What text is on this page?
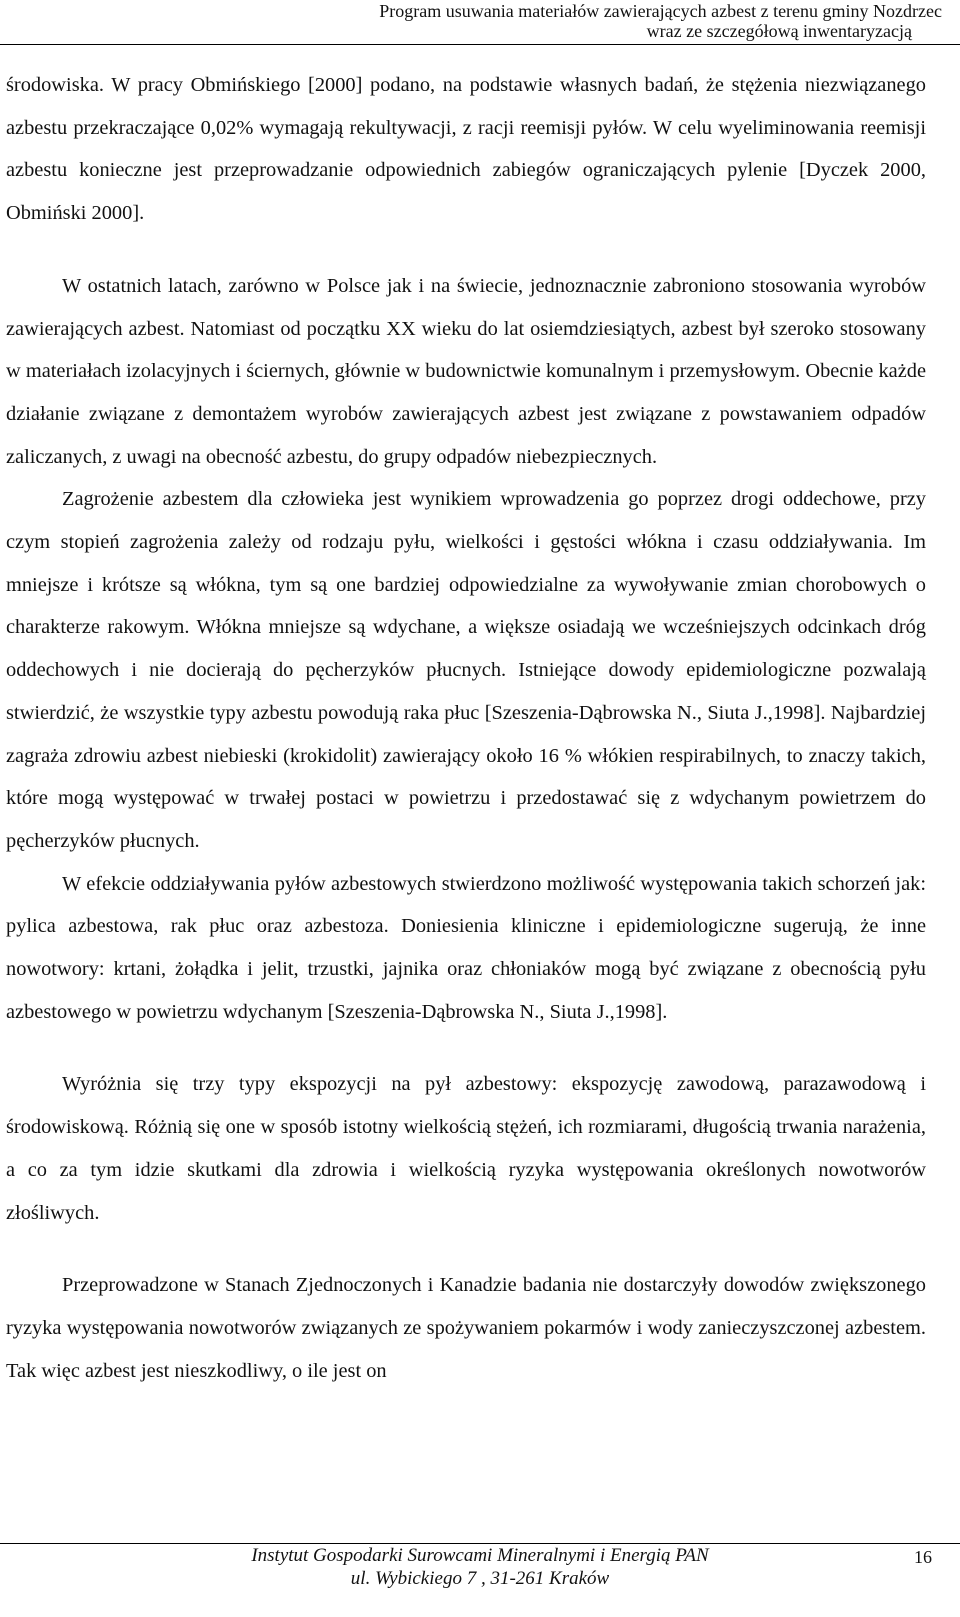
Program usuwania materiałów zawierających azbest z terenu gminy Nozdrzec
wraz ze szczegółową inwentaryzacją

środowiska. W pracy Obmińskiego [2000] podano, na podstawie własnych badań, że stężenia niezwiązanego azbestu przekraczające 0,02% wymagają rekultywacji, z racji reemisji pyłów. W celu wyeliminowania reemisji azbestu konieczne jest przeprowadzanie odpowiednich zabiegów ograniczających pylenie [Dyczek 2000, Obmiński 2000].

W ostatnich latach, zarówno w Polsce jak i na świecie, jednoznacznie zabroniono stosowania wyrobów zawierających azbest. Natomiast od początku XX wieku do lat osiemdziesiątych, azbest był szeroko stosowany w materiałach izolacyjnych i ściernych, głównie w budownictwie komunalnym i przemysłowym. Obecnie każde działanie związane z demontażem wyrobów zawierających azbest jest związane z powstawaniem odpadów zaliczanych, z uwagi na obecność azbestu, do grupy odpadów niebezpiecznych.

Zagrożenie azbestem dla człowieka jest wynikiem wprowadzenia go poprzez drogi oddechowe, przy czym stopień zagrożenia zależy od rodzaju pyłu, wielkości i gęstości włókna i czasu oddziaływania. Im mniejsze i krótsze są włókna, tym są one bardziej odpowiedzialne za wywoływanie zmian chorobowych o charakterze rakowym. Włókna mniejsze są wdychane, a większe osiadają we wcześniejszych odcinkach dróg oddechowych i nie docierają do pęcherzyków płucnych. Istniejące dowody epidemiologiczne pozwalają stwierdzić, że wszystkie typy azbestu powodują raka płuc [Szeszenia-Dąbrowska N., Siuta J.,1998]. Najbardziej zagraża zdrowiu azbest niebieski (krokidolit) zawierający około 16 % włókien respirabilnych, to znaczy takich, które mogą występować w trwałej postaci w powietrzu i przedostawać się z wdychanym powietrzem do pęcherzyków płucnych.

W efekcie oddziaływania pyłów azbestowych stwierdzono możliwość występowania takich schorzeń jak: pylica azbestowa, rak płuc oraz azbestoza. Doniesienia kliniczne i epidemiologiczne sugerują, że inne nowotwory: krtani, żołądka i jelit, trzustki, jajnika oraz chłoniaków mogą być związane z obecnością pyłu azbestowego w powietrzu wdychanym [Szeszenia-Dąbrowska N., Siuta J.,1998].

Wyróżnia się trzy typy ekspozycji na pył azbestowy: ekspozycję zawodową, parazawodową i środowiskową. Różnią się one w sposób istotny wielkością stężeń, ich rozmiarami, długością trwania narażenia, a co za tym idzie skutkami dla zdrowia i wielkością ryzyka występowania określonych nowotworów złośliwych.

Przeprowadzone w Stanach Zjednoczonych i Kanadzie badania nie dostarczyły dowodów zwiększonego ryzyka występowania nowotworów związanych ze spożywaniem pokarmów i wody zanieczyszczonej azbestem. Tak więc azbest jest nieszkodliwy, o ile jest on

Instytut Gospodarki Surowcami Mineralnymi i Energią PAN
ul. Wybickiego 7 , 31-261 Kraków
16
